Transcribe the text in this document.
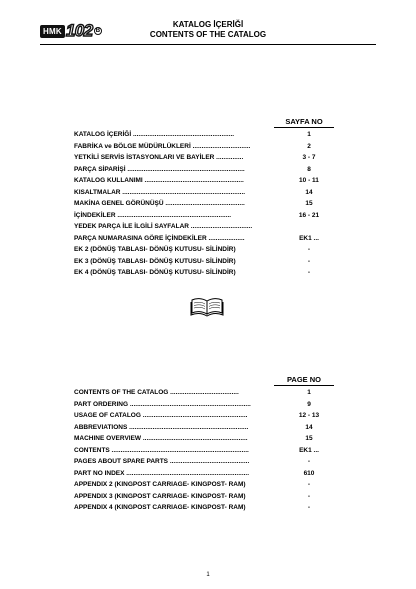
HMK 102 B
KATALOG İÇERİĞİ
CONTENTS OF THE CATALOG
SAYFA NO
KATALOG İÇERİĞİ ........................................................	1
FABRİKA ve BÖLGE MÜDÜRLÜKLERİ ................................	2
YETKİLİ SERVİS İSTASYONLARI VE BAYİLER ...............	3 - 7
PARÇA SİPARİŞİ .................................................................	8
KATALOG KULLANIMI .......................................................	10 - 11
KISALTMALAR ....................................................................	14
MAKİNA GENEL GÖRÜNÜŞÜ ............................................	15
İÇİNDEKİLER ...............................................................	16 - 21
YEDEK PARÇA İLE İLGİLİ SAYFALAR ..................................
PARÇA NUMARASINA GÖRE İÇİNDEKİLER ....................	EK1 ...
EK 2 (DÖNÜŞ TABLASI- DÖNÜŞ KUTUSU- SİLİNDİR)	-
EK 3 (DÖNÜŞ TABLASI- DÖNÜŞ KUTUSU- SİLİNDİR)	-
EK 4 (DÖNÜŞ TABLASI- DÖNÜŞ KUTUSU- SİLİNDİR)	-
PAGE NO
CONTENTS OF THE CATALOG ......................................	1
PART ORDERING ...................................................................	9
USAGE OF CATALOG ..........................................................	12 - 13
ABBREVIATIONS ..................................................................	14
MACHINE OVERVIEW ..........................................................	15
CONTENTS ............................................................................	EK1 ...
PAGES ABOUT SPARE PARTS ............................................	-
PART NO INDEX ....................................................................	610
APPENDIX 2 (KINGPOST CARRIAGE- KINGPOST- RAM)	-
APPENDIX 3 (KINGPOST CARRIAGE- KINGPOST- RAM)	-
APPENDIX 4 (KINGPOST CARRIAGE- KINGPOST- RAM)	-
1
